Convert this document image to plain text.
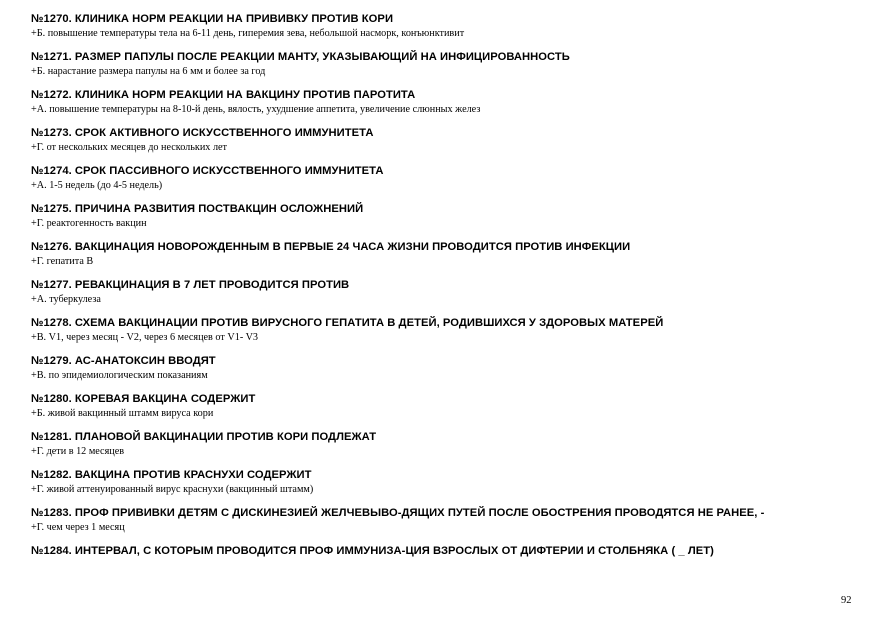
№1270. КЛИНИКА НОРМ РЕАКЦИИ НА ПРИВИВКУ ПРОТИВ КОРИ
+Б. повышение температуры тела на 6-11 день, гиперемия зева, небольшой насморк, конъюнктивит
№1271. РАЗМЕР ПАПУЛЫ ПОСЛЕ РЕАКЦИИ МАНТУ, УКАЗЫВАЮЩИЙ НА ИНФИЦИРОВАННОСТЬ
+Б. нарастание размера папулы на 6 мм и более за год
№1272. КЛИНИКА НОРМ РЕАКЦИИ НА ВАКЦИНУ ПРОТИВ ПАРОТИТА
+А. повышение температуры на 8-10-й день, вялость, ухудшение аппетита, увеличение слюнных желез
№1273. СРОК АКТИВНОГО ИСКУССТВЕННОГО ИММУНИТЕТА
+Г. от нескольких месяцев до нескольких лет
№1274. СРОК ПАССИВНОГО ИСКУССТВЕННОГО ИММУНИТЕТА
+А. 1-5 недель (до 4-5 недель)
№1275. ПРИЧИНА РАЗВИТИЯ ПОСТВАКЦИН ОСЛОЖНЕНИЙ
+Г. реактогенность вакцин
№1276. ВАКЦИНАЦИЯ НОВОРОЖДЕННЫМ В ПЕРВЫЕ 24 ЧАСА ЖИЗНИ ПРОВОДИТСЯ ПРОТИВ ИНФЕКЦИИ
+Г. гепатита В
№1277. РЕВАКЦИНАЦИЯ В 7 ЛЕТ ПРОВОДИТСЯ ПРОТИВ
+А. туберкулеза
№1278. СХЕМА ВАКЦИНАЦИИ ПРОТИВ ВИРУСНОГО ГЕПАТИТА В ДЕТЕЙ, РОДИВШИХСЯ У ЗДОРОВЫХ МАТЕРЕЙ
+В. V1, через месяц - V2, через 6 месяцев от V1- V3
№1279. АС-АНАТОКСИН ВВОДЯТ
+В. по эпидемиологическим показаниям
№1280. КОРЕВАЯ ВАКЦИНА СОДЕРЖИТ
+Б. живой вакцинный штамм вируса кори
№1281. ПЛАНОВОЙ ВАКЦИНАЦИИ ПРОТИВ КОРИ ПОДЛЕЖАТ
+Г. дети в 12 месяцев
№1282. ВАКЦИНА ПРОТИВ КРАСНУХИ СОДЕРЖИТ
+Г. живой аттенуированный вирус краснухи (вакцинный штамм)
№1283. ПРОФ ПРИВИВКИ ДЕТЯМ С ДИСКИНЕЗИЕЙ ЖЕЛЧЕВЫВО-ДЯЩИХ ПУТЕЙ ПОСЛЕ ОБОСТРЕНИЯ ПРОВОДЯТСЯ НЕ РАНЕЕ, -
+Г. чем через 1 месяц
№1284. ИНТЕРВАЛ, С КОТОРЫМ ПРОВОДИТСЯ ПРОФ ИММУНИЗА-ЦИЯ ВЗРОСЛЫХ ОТ ДИФТЕРИИ И СТОЛБНЯКА ( _ ЛЕТ)
92
